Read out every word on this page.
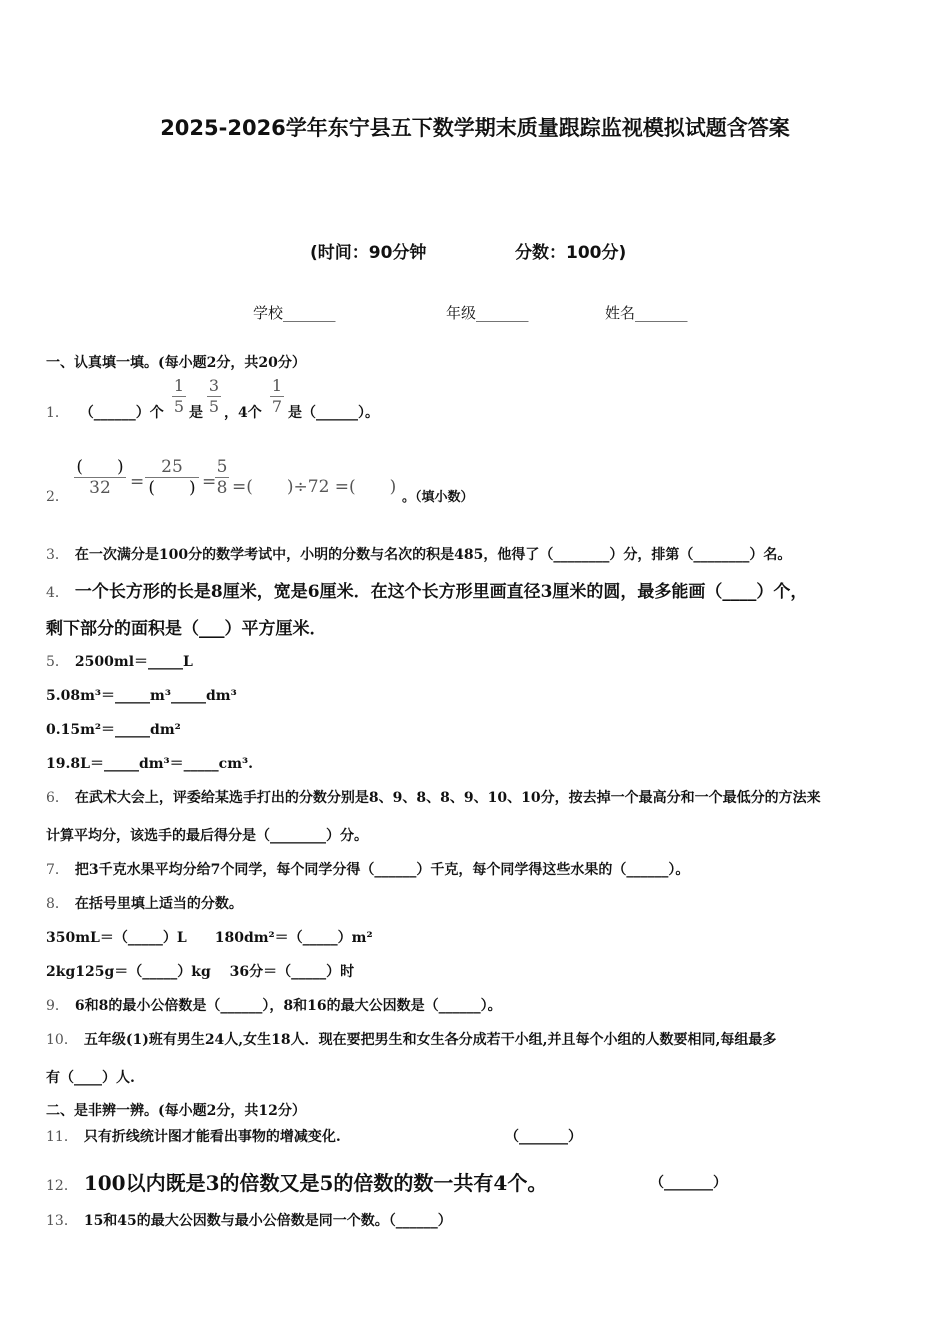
2025-2026学年东宁县五下数学期末质量跟踪监视模拟试题含答案
(时间：90分钟	分数：100分)
学校_______	年级_______	姓名_______
一、认真填一填。(每小题2分，共20分）
1． （______）个
1
5 是
3
5 ，4个
1
7 是（______）。
2．
(　　)
32	=
25
(　　) =
5
8 =(　　)÷72 =(　　)
。（填小数）
3． 在一次满分是100分的数学考试中，小明的分数与名次的积是485，他得了（________）分，排第（________）名。
4． 一个长方形的长是8厘米，宽是6厘米．在这个长方形里画直径3厘米的圆，最多能画（____）个，
剩下部分的面积是（___）平方厘米．
5． 2500ml＝_____L
5.08m³＝_____m³_____dm³
0.15m²＝_____dm²
19.8L＝_____dm³＝_____cm³.
6． 在武术大会上，评委给某选手打出的分数分别是8、9、8、8、9、10、10分，按去掉一个最高分和一个最低分的方法来
计算平均分，该选手的最后得分是（________）分。
7． 把3千克水果平均分给7个同学，每个同学分得（______）千克，每个同学得这些水果的（______）。
8． 在括号里填上适当的分数。
350mL＝（_____）L　　180dm²＝（_____）m²
2kg125g＝（_____）kg　 36分＝（_____）时
9． 6和8的最小公倍数是（______），8和16的最大公因数是（______）。
10． 五年级(1)班有男生24人,女生18人．现在要把男生和女生各分成若干小组,并且每个小组的人数要相同,每组最多
有（____）人.
二、是非辨一辨。(每小题2分，共12分）
11． 只有折线统计图才能看出事物的增减变化.	（_______）
12． 100以内既是3的倍数又是5的倍数的数一共有4个。	（_______）
13． 15和45的最大公因数与最小公倍数是同一个数。（______）
